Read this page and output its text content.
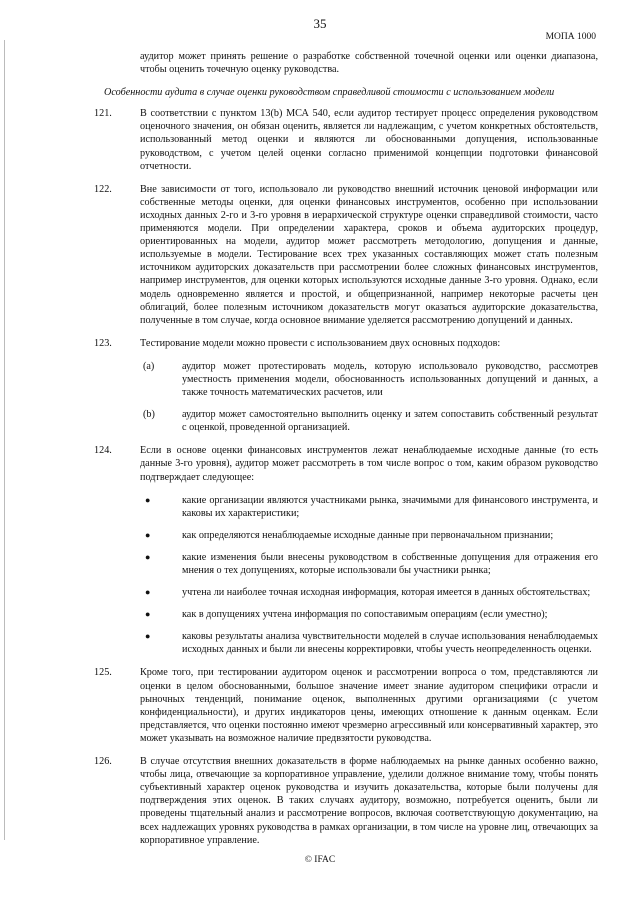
35
МОПА 1000
аудитор может принять решение о разработке собственной точечной оценки или оценки диапазона, чтобы оценить точечную оценку руководства.
Особенности аудита в случае оценки руководством справедливой стоимости с использованием модели
121.	В соответствии с пунктом 13(b) МСА 540, если аудитор тестирует процесс определения руководством оценочного значения, он обязан оценить, является ли надлежащим, с учетом конкретных обстоятельств, использованный метод оценки и являются ли обоснованными допущения, использованные руководством, с учетом целей оценки согласно применимой концепции подготовки финансовой отчетности.
122.	Вне зависимости от того, использовало ли руководство внешний источник ценовой информации или собственные методы оценки, для оценки финансовых инструментов, особенно при использовании исходных данных 2-го и 3-го уровня в иерархической структуре оценки справедливой стоимости, часто применяются модели. При определении характера, сроков и объема аудиторских процедур, ориентированных на модели, аудитор может рассмотреть методологию, допущения и данные, используемые в модели. Тестирование всех трех указанных составляющих может стать полезным источником аудиторских доказательств при рассмотрении более сложных финансовых инструментов, например инструментов, для оценки которых используются исходные данные 3-го уровня. Однако, если модель одновременно является и простой, и общепризнанной, например некоторые расчеты цен облигаций, более полезным источником доказательств могут оказаться аудиторские доказательства, полученные в том случае, когда основное внимание уделяется рассмотрению допущений и данных.
123.	Тестирование модели можно провести с использованием двух основных подходов:
(a)	аудитор может протестировать модель, которую использовало руководство, рассмотрев уместность применения модели, обоснованность использованных допущений и данных, а также точность математических расчетов, или
(b)	аудитор может самостоятельно выполнить оценку и затем сопоставить собственный результат с оценкой, проведенной организацией.
124.	Если в основе оценки финансовых инструментов лежат ненаблюдаемые исходные данные (то есть данные 3-го уровня), аудитор может рассмотреть в том числе вопрос о том, каким образом руководство подтверждает следующее:
●	какие организации являются участниками рынка, значимыми для финансового инструмента, и каковы их характеристики;
●	как определяются ненаблюдаемые исходные данные при первоначальном признании;
●	какие изменения были внесены руководством в собственные допущения для отражения его мнения о тех допущениях, которые использовали бы участники рынка;
●	учтена ли наиболее точная исходная информация, которая имеется в данных обстоятельствах;
●	как в допущениях учтена информация по сопоставимым операциям (если уместно);
●	каковы результаты анализа чувствительности моделей в случае использования ненаблюдаемых исходных данных и были ли внесены корректировки, чтобы учесть неопределенность оценки.
125.	Кроме того, при тестировании аудитором оценок и рассмотрении вопроса о том, представляются ли оценки в целом обоснованными, большое значение имеет знание аудитором специфики отрасли и рыночных тенденций, понимание оценок, выполненных другими организациями (с учетом конфиденциальности), и других индикаторов цены, имеющих отношение к данным оценкам. Если представляется, что оценки постоянно имеют чрезмерно агрессивный или консервативный характер, это может указывать на возможное наличие предвзятости руководства.
126.	В случае отсутствия внешних доказательств в форме наблюдаемых на рынке данных особенно важно, чтобы лица, отвечающие за корпоративное управление, уделили должное внимание тому, чтобы понять субъективный характер оценок руководства и изучить доказательства, которые были получены для подтверждения этих оценок. В таких случаях аудитору, возможно, потребуется оценить, были ли проведены тщательный анализ и рассмотрение вопросов, включая соответствующую документацию, на всех надлежащих уровнях руководства в рамках организации, в том числе на уровне лиц, отвечающих за корпоративное управление.
© IFAC
